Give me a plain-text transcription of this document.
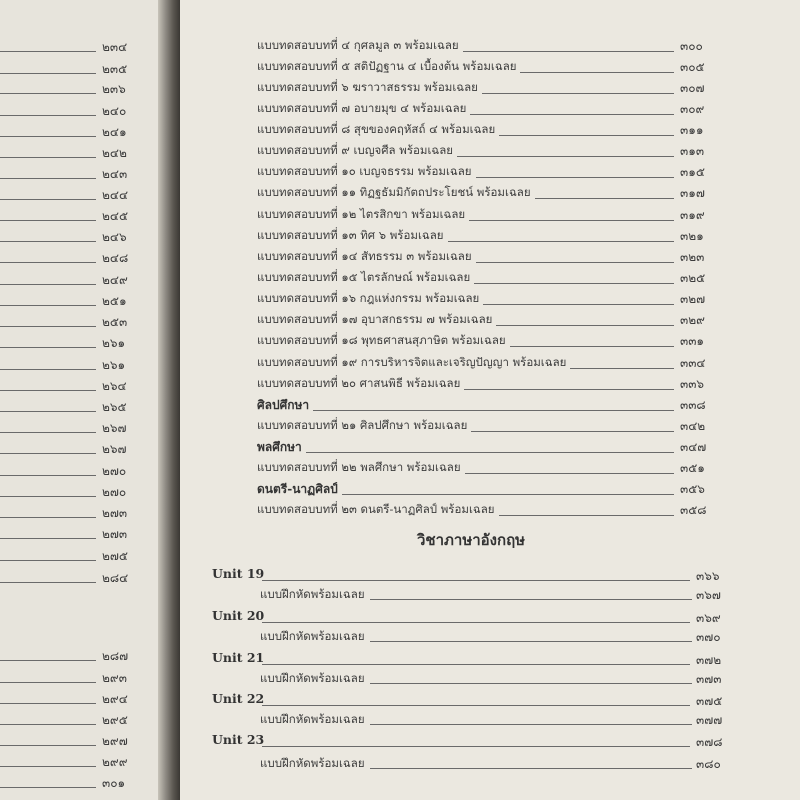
๒๓๔
๒๓๕
๒๓๖
๒๔๐
๒๔๑
๒๔๒
๒๔๓
๒๔๔
๒๔๕
๒๔๖
๒๔๘
๒๔๙
๒๕๑
๒๕๓
๒๖๑
๒๖๑
๒๖๔
๒๖๕
๒๖๗
๒๖๗
๒๗๐
๒๗๐
๒๗๓
๒๗๓
๒๗๕
๒๘๔
๒๘๗
๒๙๓
๒๙๔
๒๙๕
๒๙๗
๒๙๙
๓๐๑
แบบทดสอบบทที่ ๔ กุศลมูล ๓ พร้อมเฉลย	๓๐๐
แบบทดสอบบทที่ ๕ สติปัฏฐาน ๔ เบื้องต้น พร้อมเฉลย	๓๐๕
แบบทดสอบบทที่ ๖ ฆราวาสธรรม พร้อมเฉลย	๓๐๗
แบบทดสอบบทที่ ๗ อบายมุข ๔ พร้อมเฉลย	๓๐๙
แบบทดสอบบทที่ ๘ สุขของคฤหัสถ์ ๔ พร้อมเฉลย	๓๑๑
แบบทดสอบบทที่ ๙ เบญจศีล พร้อมเฉลย	๓๑๓
แบบทดสอบบทที่ ๑๐ เบญจธรรม พร้อมเฉลย	๓๑๕
แบบทดสอบบทที่ ๑๑ ทิฏฐธัมมิกัตถประโยชน์ พร้อมเฉลย	๓๑๗
แบบทดสอบบทที่ ๑๒ ไตรสิกขา พร้อมเฉลย	๓๑๙
แบบทดสอบบทที่ ๑๓ ทิศ ๖ พร้อมเฉลย	๓๒๑
แบบทดสอบบทที่ ๑๔ สัทธรรม ๓ พร้อมเฉลย	๓๒๓
แบบทดสอบบทที่ ๑๕ ไตรลักษณ์ พร้อมเฉลย	๓๒๕
แบบทดสอบบทที่ ๑๖ กฎแห่งกรรม พร้อมเฉลย	๓๒๗
แบบทดสอบบทที่ ๑๗ อุบาสกธรรม ๗ พร้อมเฉลย	๓๒๙
แบบทดสอบบทที่ ๑๘ พุทธศาสนสุภาษิต พร้อมเฉลย	๓๓๑
แบบทดสอบบทที่ ๑๙ การบริหารจิตและเจริญปัญญา พร้อมเฉลย	๓๓๔
แบบทดสอบบทที่ ๒๐ ศาสนพิธี พร้อมเฉลย	๓๓๖
ศิลปศึกษา	๓๓๘
แบบทดสอบบทที่ ๒๑ ศิลปศึกษา พร้อมเฉลย	๓๔๒
พลศึกษา	๓๔๗
แบบทดสอบบทที่ ๒๒ พลศึกษา พร้อมเฉลย	๓๕๑
ดนตรี-นาฏศิลป์	๓๕๖
แบบทดสอบบทที่ ๒๓ ดนตรี-นาฏศิลป์ พร้อมเฉลย	๓๕๘
วิชาภาษาอังกฤษ
Unit 19	๓๖๖
แบบฝึกหัดพร้อมเฉลย	๓๖๗
Unit 20	๓๖๙
แบบฝึกหัดพร้อมเฉลย	๓๗๐
Unit 21	๓๗๒
แบบฝึกหัดพร้อมเฉลย	๓๗๓
Unit 22	๓๗๕
แบบฝึกหัดพร้อมเฉลย	๓๗๗
Unit 23	๓๗๘
แบบฝึกหัดพร้อมเฉลย	๓๘๐
